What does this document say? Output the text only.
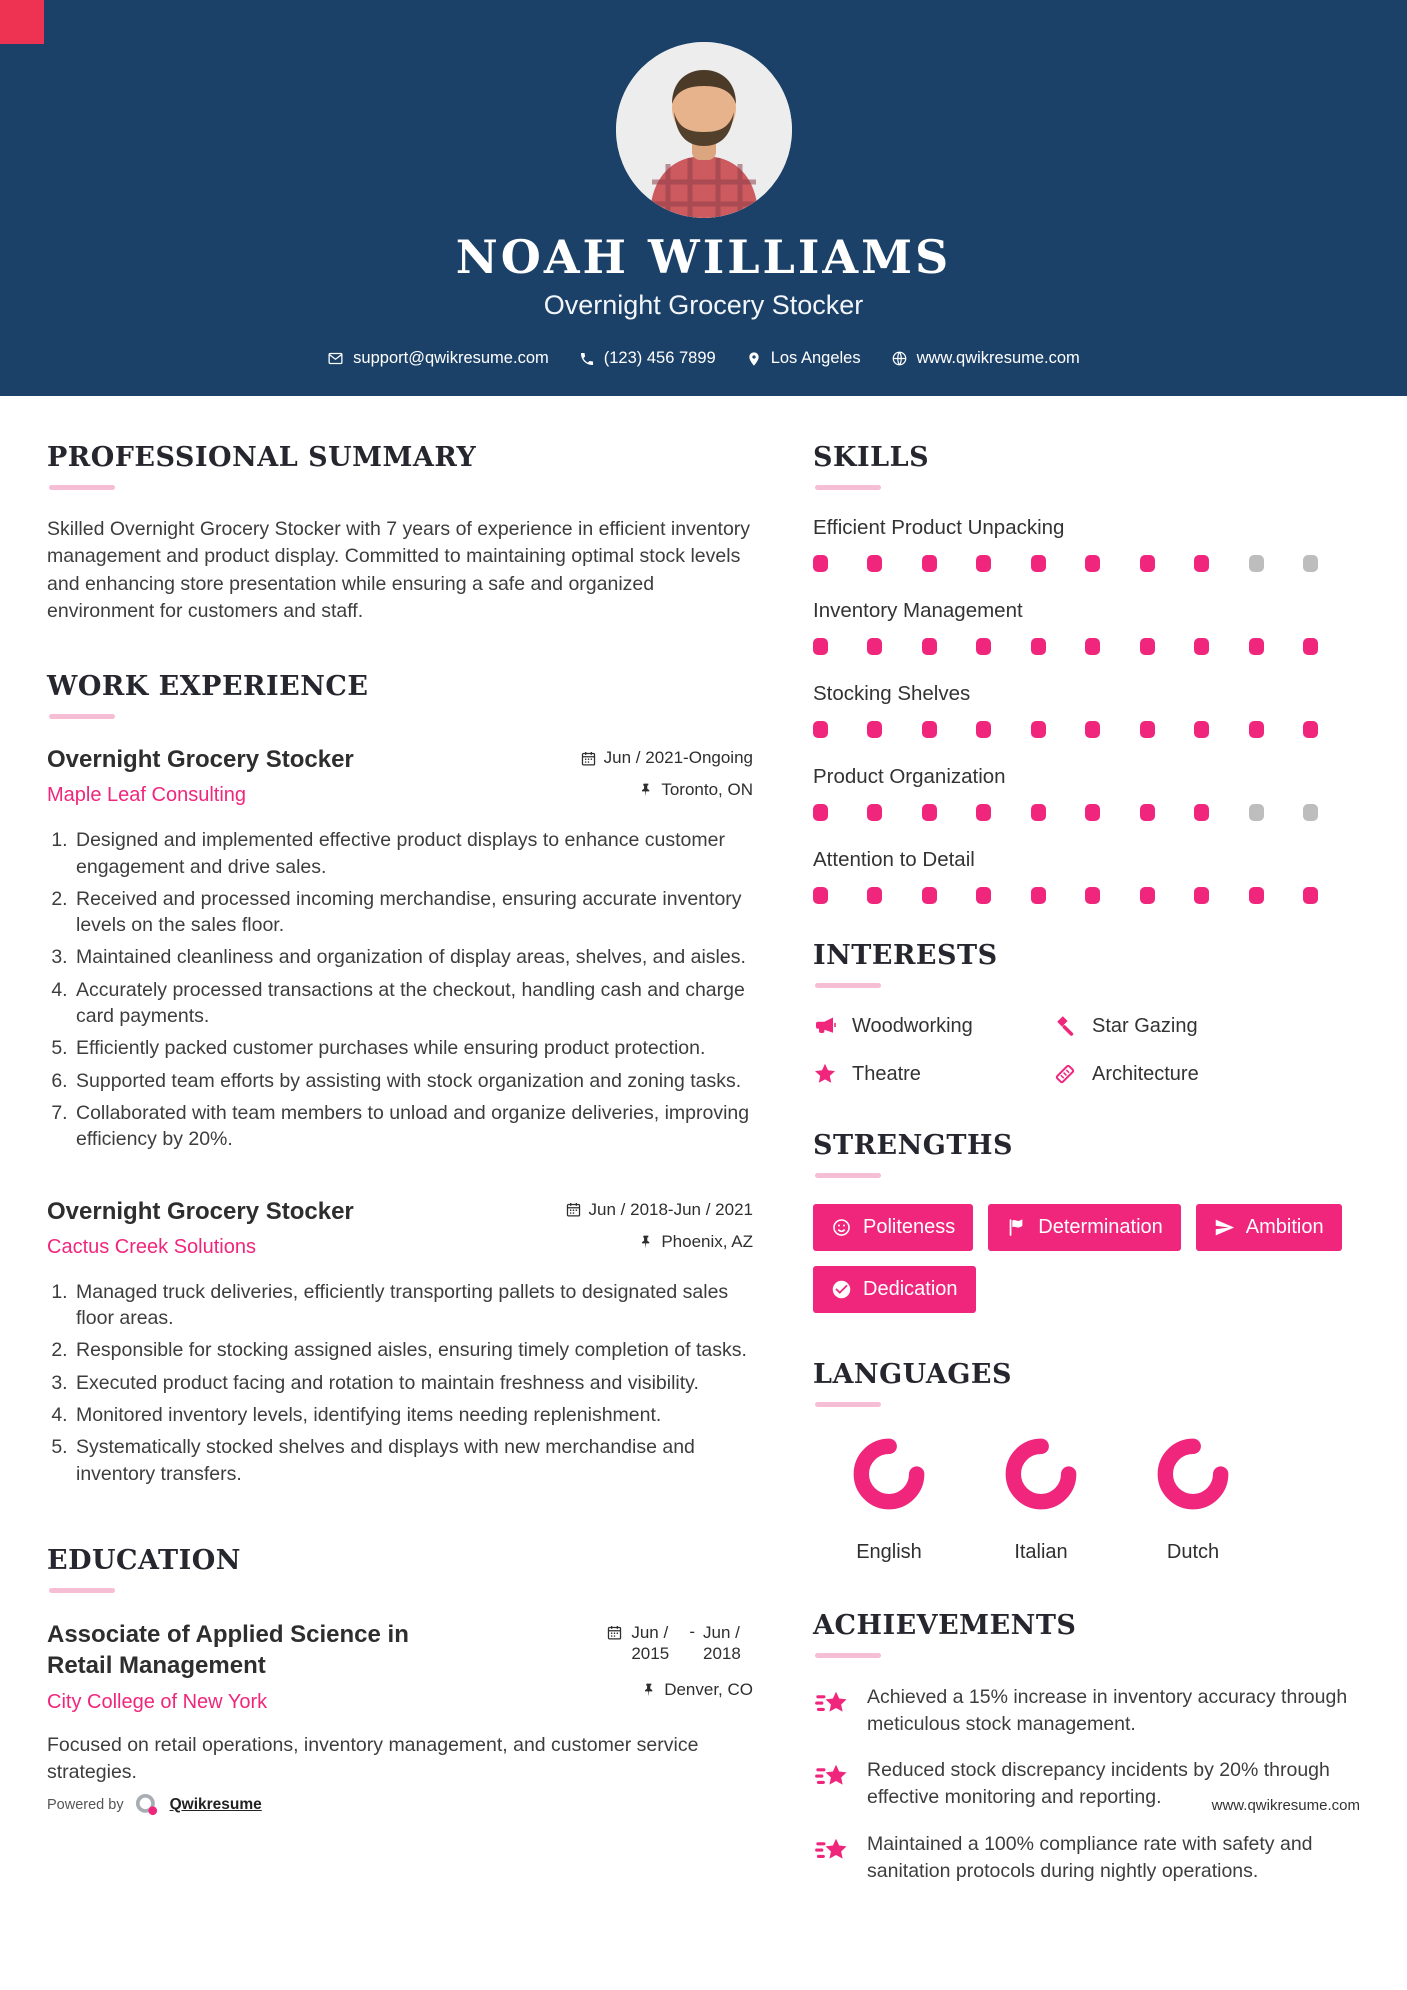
NOAH WILLIAMS
Overnight Grocery Stocker
support@qwikresume.com	(123) 456 7899	Los Angeles	www.qwikresume.com
PROFESSIONAL SUMMARY

Skilled Overnight Grocery Stocker with 7 years of experience in efficient inventory management and product display. Committed to maintaining optimal stock levels and enhancing store presentation while ensuring a safe and organized environment for customers and staff.

WORK EXPERIENCE
Overnight Grocery Stocker
Maple Leaf Consulting
Jun / 2021-Ongoing
Toronto, ON
1. Designed and implemented effective product displays to enhance customer engagement and drive sales.
2. Received and processed incoming merchandise, ensuring accurate inventory levels on the sales floor.
3. Maintained cleanliness and organization of display areas, shelves, and aisles.
4. Accurately processed transactions at the checkout, handling cash and charge card payments.
5. Efficiently packed customer purchases while ensuring product protection.
6. Supported team efforts by assisting with stock organization and zoning tasks.
7. Collaborated with team members to unload and organize deliveries, improving efficiency by 20%.
Overnight Grocery Stocker
Cactus Creek Solutions
Jun / 2018-Jun / 2021
Phoenix, AZ
1. Managed truck deliveries, efficiently transporting pallets to designated sales floor areas.
2. Responsible for stocking assigned aisles, ensuring timely completion of tasks.
3. Executed product facing and rotation to maintain freshness and visibility.
4. Monitored inventory levels, identifying items needing replenishment.
5. Systematically stocked shelves and displays with new merchandise and inventory transfers.
EDUCATION
Associate of Applied Science in Retail Management
City College of New York
Jun / 2015
- Jun / 2018
Denver, CO
Focused on retail operations, inventory management, and customer service strategies.
SKILLS
Efficient Product Unpacking
Inventory Management
Stocking Shelves
Product Organization
Attention to Detail
INTERESTS
Woodworking	Star Gazing
Theatre	Architecture
STRENGTHS
Politeness	Determination	Ambition
Dedication
LANGUAGES
English	Italian	Dutch
ACHIEVEMENTS
Achieved a 15% increase in inventory accuracy through meticulous stock management.
Reduced stock discrepancy incidents by 20% through effective monitoring and reporting.
Maintained a 100% compliance rate with safety and sanitation protocols during nightly operations.
Powered by	Qwikresume	www.qwikresume.com
